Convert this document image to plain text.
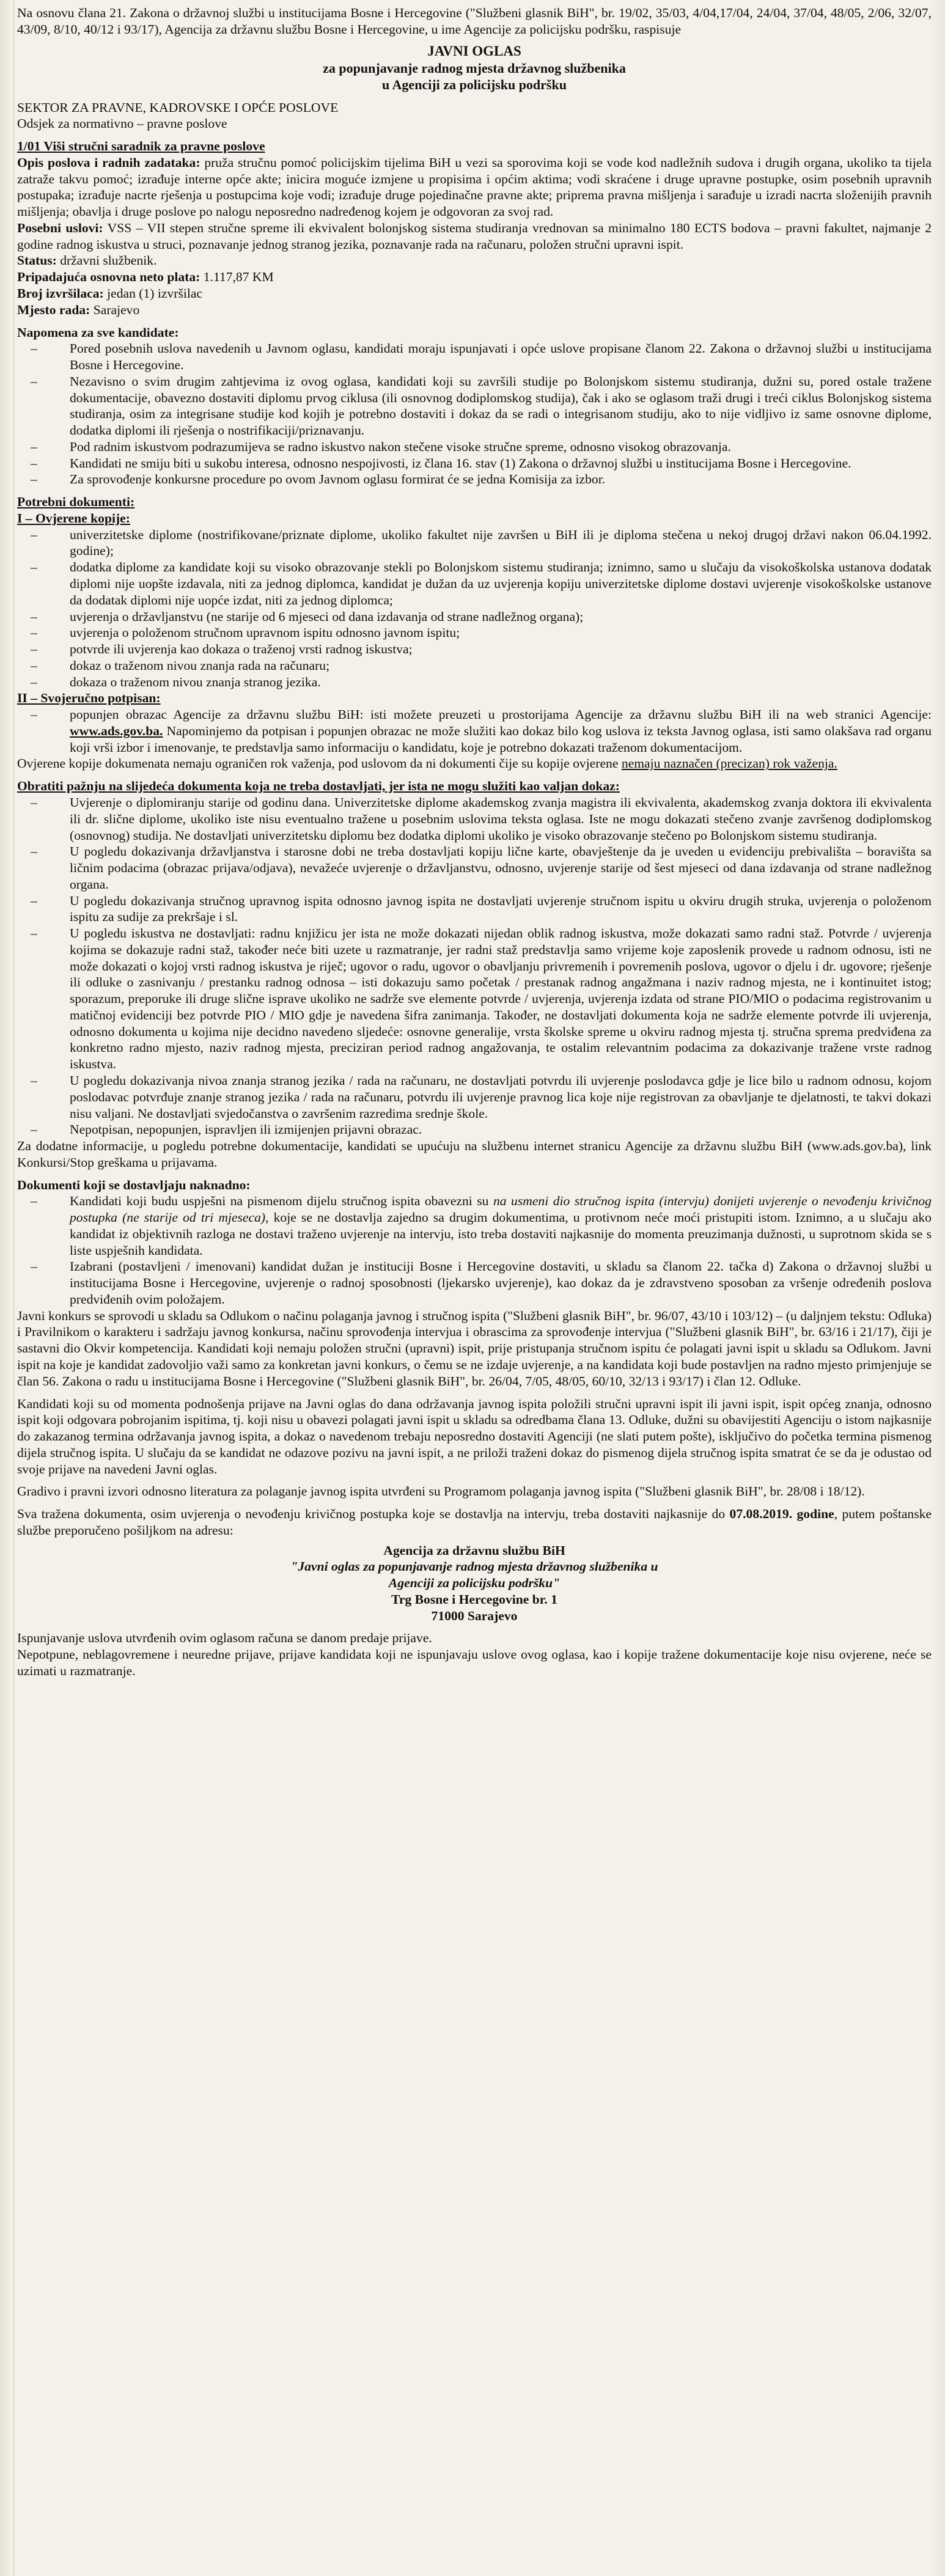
Na osnovu člana 21. Zakona o državnoj službi u institucijama Bosne i Hercegovine ("Službeni glasnik BiH", br. 19/02, 35/03, 4/04,17/04, 24/04, 37/04, 48/05, 2/06, 32/07, 43/09, 8/10, 40/12 i 93/17), Agencija za državnu službu Bosne i Hercegovine, u ime Agencije za policijsku podršku, raspisuje

JAVNI OGLAS

za popunjavanje radnog mjesta državnog službenika

u Agenciji za policijsku podršku

SEKTOR ZA PRAVNE, KADROVSKE I OPĆE POSLOVE

Odsjek za normativno – pravne poslove

1/01 Viši stručni saradnik za pravne poslove

Opis poslova i radnih zadataka: pruža stručnu pomoć policijskim tijelima BiH u vezi sa sporovima koji se vode kod nadležnih sudova i drugih organa, ukoliko ta tijela zatraže takvu pomoć; izrađuje interne opće akte; inicira moguće izmjene u propisima i općim aktima; vodi skraćene i druge upravne postupke, osim posebnih upravnih postupaka; izrađuje nacrte rješenja u postupcima koje vodi; izrađuje druge pojedinačne pravne akte; priprema pravna mišljenja i sarađuje u izradi nacrta složenijih pravnih mišljenja; obavlja i druge poslove po nalogu neposredno nadređenog kojem je odgovoran za svoj rad.

Posebni uslovi: VSS – VII stepen stručne spreme ili ekvivalent bolonjskog sistema studiranja vrednovan sa minimalno 180 ECTS bodova – pravni fakultet, najmanje 2 godine radnog iskustva u struci, poznavanje jednog stranog jezika, poznavanje rada na računaru, položen stručni upravni ispit.

Status: državni službenik.

Pripadajuća osnovna neto plata: 1.117,87 KM

Broj izvršilaca: jedan (1) izvršilac

Mjesto rada: Sarajevo

Napomena za sve kandidate:

– Pored posebnih uslova navedenih u Javnom oglasu, kandidati moraju ispunjavati i opće uslove propisane članom 22. Zakona o državnoj službi u institucijama Bosne i Hercegovine.
– Nezavisno o svim drugim zahtjevima iz ovog oglasa, kandidati koji su završili studije po Bolonjskom sistemu studiranja, dužni su, pored ostale tražene dokumentacije, obavezno dostaviti diplomu prvog ciklusa (ili osnovnog dodiplomskog studija), čak i ako se oglasom traži drugi i treći ciklus Bolonjskog sistema studiranja, osim za integrisane studije kod kojih je potrebno dostaviti i dokaz da se radi o integrisanom studiju, ako to nije vidljivo iz same osnovne diplome, dodatka diplomi ili rješenja o nostrifikaciji/priznavanju.
– Pod radnim iskustvom podrazumijeva se radno iskustvo nakon stečene visoke stručne spreme, odnosno visokog obrazovanja.
– Kandidati ne smiju biti u sukobu interesa, odnosno nespojivosti, iz člana 16. stav (1) Zakona o državnoj službi u institucijama Bosne i Hercegovine.
– Za sprovođenje konkursne procedure po ovom Javnom oglasu formirat će se jedna Komisija za izbor.

Potrebni dokumenti:

I – Ovjerene kopije:

– univerzitetske diplome (nostrifikovane/priznate diplome, ukoliko fakultet nije završen u BiH ili je diploma stečena u nekoj drugoj državi nakon 06.04.1992. godine);
– dodatka diplome za kandidate koji su visoko obrazovanje stekli po Bolonjskom sistemu studiranja; iznimno, samo u slučaju da visokoškolska ustanova dodatak diplomi nije uopšte izdavala, niti za jednog diplomca, kandidat je dužan da uz uvjerenja kopiju univerzitetske diplome dostavi uvjerenje visokoškolske ustanove da dodatak diplomi nije uopće izdat, niti za jednog diplomca;
– uvjerenja o državljanstvu (ne starije od 6 mjeseci od dana izdavanja od strane nadležnog organa);
– uvjerenja o položenom stručnom upravnom ispitu odnosno javnom ispitu;
– potvrde ili uvjerenja kao dokaza o traženoj vrsti radnog iskustva;
– dokaz o traženom nivou znanja rada na računaru;
– dokaza o traženom nivou znanja stranog jezika.

II – Svojeručno potpisan:

– popunjen obrazac Agencije za državnu službu BiH: isti možete preuzeti u prostorijama Agencije za državnu službu BiH ili na web stranici Agencije: www.ads.gov.ba. Napominjemo da potpisan i popunjen obrazac ne može služiti kao dokaz bilo kog uslova iz teksta Javnog oglasa, isti samo olakšava rad organu koji vrši izbor i imenovanje, te predstavlja samo informaciju o kandidatu, koje je potrebno dokazati traženom dokumentacijom.

Ovjerene kopije dokumenata nemaju ograničen rok važenja, pod uslovom da ni dokumenti čije su kopije ovjerene nemaju naznačen (precizan) rok važenja.

Obratiti pažnju na slijedeća dokumenta koja ne treba dostavljati, jer ista ne mogu služiti kao valjan dokaz:

– Uvjerenje o diplomiranju starije od godinu dana. Univerzitetske diplome akademskog zvanja magistra ili ekvivalenta, akademskog zvanja doktora ili ekvivalenta ili dr. slične diplome, ukoliko iste nisu eventualno tražene u posebnim uslovima teksta oglasa. Iste ne mogu dokazati stečeno zvanje završenog dodiplomskog (osnovnog) studija. Ne dostavljati univerzitetsku diplomu bez dodatka diplomi ukoliko je visoko obrazovanje stečeno po Bolonjskom sistemu studiranja.
– U pogledu dokazivanja državljanstva i starosne dobi ne treba dostavljati kopiju lične karte, obavještenje da je uveden u evidenciju prebivališta – boravišta sa ličnim podacima (obrazac prijava/odjava), nevažeće uvjerenje o državljanstvu, odnosno, uvjerenje starije od šest mjeseci od dana izdavanja od strane nadležnog organa.
– U pogledu dokazivanja stručnog upravnog ispita odnosno javnog ispita ne dostavljati uvjerenje stručnom ispitu u okviru drugih struka, uvjerenja o položenom ispitu za sudije za prekršaje i sl.
– U pogledu iskustva ne dostavljati: radnu knjižicu jer ista ne može dokazati nijedan oblik radnog iskustva, može dokazati samo radni staž. Potvrde / uvjerenja kojima se dokazuje radni staž, također neće biti uzete u razmatranje, jer radni staž predstavlja samo vrijeme koje zaposlenik provede u radnom odnosu, isti ne može dokazati o kojoj vrsti radnog iskustva je riječ; ugovor o radu, ugovor o obavljanju privremenih i povremenih poslova, ugovor o djelu i dr. ugovore; rješenje ili odluke o zasnivanju / prestanku radnog odnosa – isti dokazuju samo početak / prestanak radnog angažmana i naziv radnog mjesta, ne i kontinuitet istog; sporazum, preporuke ili druge slične isprave ukoliko ne sadrže sve elemente potvrde / uvjerenja, uvjerenja izdata od strane PIO/MIO o podacima registrovanim u matičnoj evidenciji bez potvrde PIO / MIO gdje je navedena šifra zanimanja. Također, ne dostavljati dokumenta koja ne sadrže elemente potvrde ili uvjerenja, odnosno dokumenta u kojima nije decidno navedeno sljedeće: osnovne generalije, vrsta školske spreme u okviru radnog mjesta tj. stručna sprema predviđena za konkretno radno mjesto, naziv radnog mjesta, preciziran period radnog angažovanja, te ostalim relevantnim podacima za dokazivanje tražene vrste radnog iskustva.
– U pogledu dokazivanja nivoa znanja stranog jezika / rada na računaru, ne dostavljati potvrdu ili uvjerenje poslodavca gdje je lice bilo u radnom odnosu, kojom poslodavac potvrđuje znanje stranog jezika / rada na računaru, potvrdu ili uvjerenje pravnog lica koje nije registrovan za obavljanje te djelatnosti, te takvi dokazi nisu valjani. Ne dostavljati svjedočanstva o završenim razredima srednje škole.
– Nepotpisan, nepopunjen, ispravljen ili izmijenjen prijavni obrazac.

Za dodatne informacije, u pogledu potrebne dokumentacije, kandidati se upućuju na službenu internet stranicu Agencije za državnu službu BiH (www.ads.gov.ba), link Konkursi/Stop greškama u prijavama.

Dokumenti koji se dostavljaju naknadno:

– Kandidati koji budu uspješni na pismenom dijelu stručnog ispita obavezni su na usmeni dio stručnog ispita (intervju) donijeti uvjerenje o nevođenju krivičnog postupka (ne starije od tri mjeseca), koje se ne dostavlja zajedno sa drugim dokumentima, u protivnom neće moći pristupiti istom. Iznimno, a u slučaju ako kandidat iz objektivnih razloga ne dostavi traženo uvjerenje na intervju, isto treba dostaviti najkasnije do momenta preuzimanja dužnosti, u suprotnom skida se s liste uspješnih kandidata.
– Izabrani (postavljeni / imenovani) kandidat dužan je instituciji Bosne i Hercegovine dostaviti, u skladu sa članom 22. tačka d) Zakona o državnoj službi u institucijama Bosne i Hercegovine, uvjerenje o radnoj sposobnosti (ljekarsko uvjerenje), kao dokaz da je zdravstveno sposoban za vršenje određenih poslova predviđenih ovim položajem.

Javni konkurs se sprovodi u skladu sa Odlukom o načinu polaganja javnog i stručnog ispita ("Službeni glasnik BiH", br. 96/07, 43/10 i 103/12) – (u daljnjem tekstu: Odluka) i Pravilnikom o karakteru i sadržaju javnog konkursa, načinu sprovođenja intervjua i obrascima za sprovođenje intervjua ("Službeni glasnik BiH", br. 63/16 i 21/17), čiji je sastavni dio Okvir kompetencija. Kandidati koji nemaju položen stručni (upravni) ispit, prije pristupanja stručnom ispitu će polagati javni ispit u skladu sa Odlukom. Javni ispit na koje je kandidat zadovoljio važi samo za konkretan javni konkurs, o čemu se ne izdaje uvjerenje, a na kandidata koji bude postavljen na radno mjesto primjenjuje se član 56. Zakona o radu u institucijama Bosne i Hercegovine ("Službeni glasnik BiH", br. 26/04, 7/05, 48/05, 60/10, 32/13 i 93/17) i član 12. Odluke.

Kandidati koji su od momenta podnošenja prijave na Javni oglas do dana održavanja javnog ispita položili stručni upravni ispit ili javni ispit, ispit općeg znanja, odnosno ispit koji odgovara pobrojanim ispitima, tj. koji nisu u obavezi polagati javni ispit u skladu sa odredbama člana 13. Odluke, dužni su obavijestiti Agenciju o istom najkasnije do zakazanog termina održavanja javnog ispita, a dokaz o navedenom trebaju neposredno dostaviti Agenciji (ne slati putem pošte), isključivo do početka termina pismenog dijela stručnog ispita. U slučaju da se kandidat ne odazove pozivu na javni ispit, a ne priloži traženi dokaz do pismenog dijela stručnog ispita smatrat će se da je odustao od svoje prijave na navedeni Javni oglas.

Gradivo i pravni izvori odnosno literatura za polaganje javnog ispita utvrđeni su Programom polaganja javnog ispita ("Službeni glasnik BiH", br. 28/08 i 18/12).

Sva tražena dokumenta, osim uvjerenja o nevođenju krivičnog postupka koje se dostavlja na intervju, treba dostaviti najkasnije do 07.08.2019. godine, putem poštanske službe preporučeno pošiljkom na adresu:

Agencija za državnu službu BiH

"Javni oglas za popunjavanje radnog mjesta državnog službenika u

Agenciji za policijsku podršku"

Trg Bosne i Hercegovine br. 1

71000 Sarajevo

Ispunjavanje uslova utvrđenih ovim oglasom računa se danom predaje prijave.

Nepotpune, neblagovremene i neuredne prijave, prijave kandidata koji ne ispunjavaju uslove ovog oglasa, kao i kopije tražene dokumentacije koje nisu ovjerene, neće se uzimati u razmatranje.
